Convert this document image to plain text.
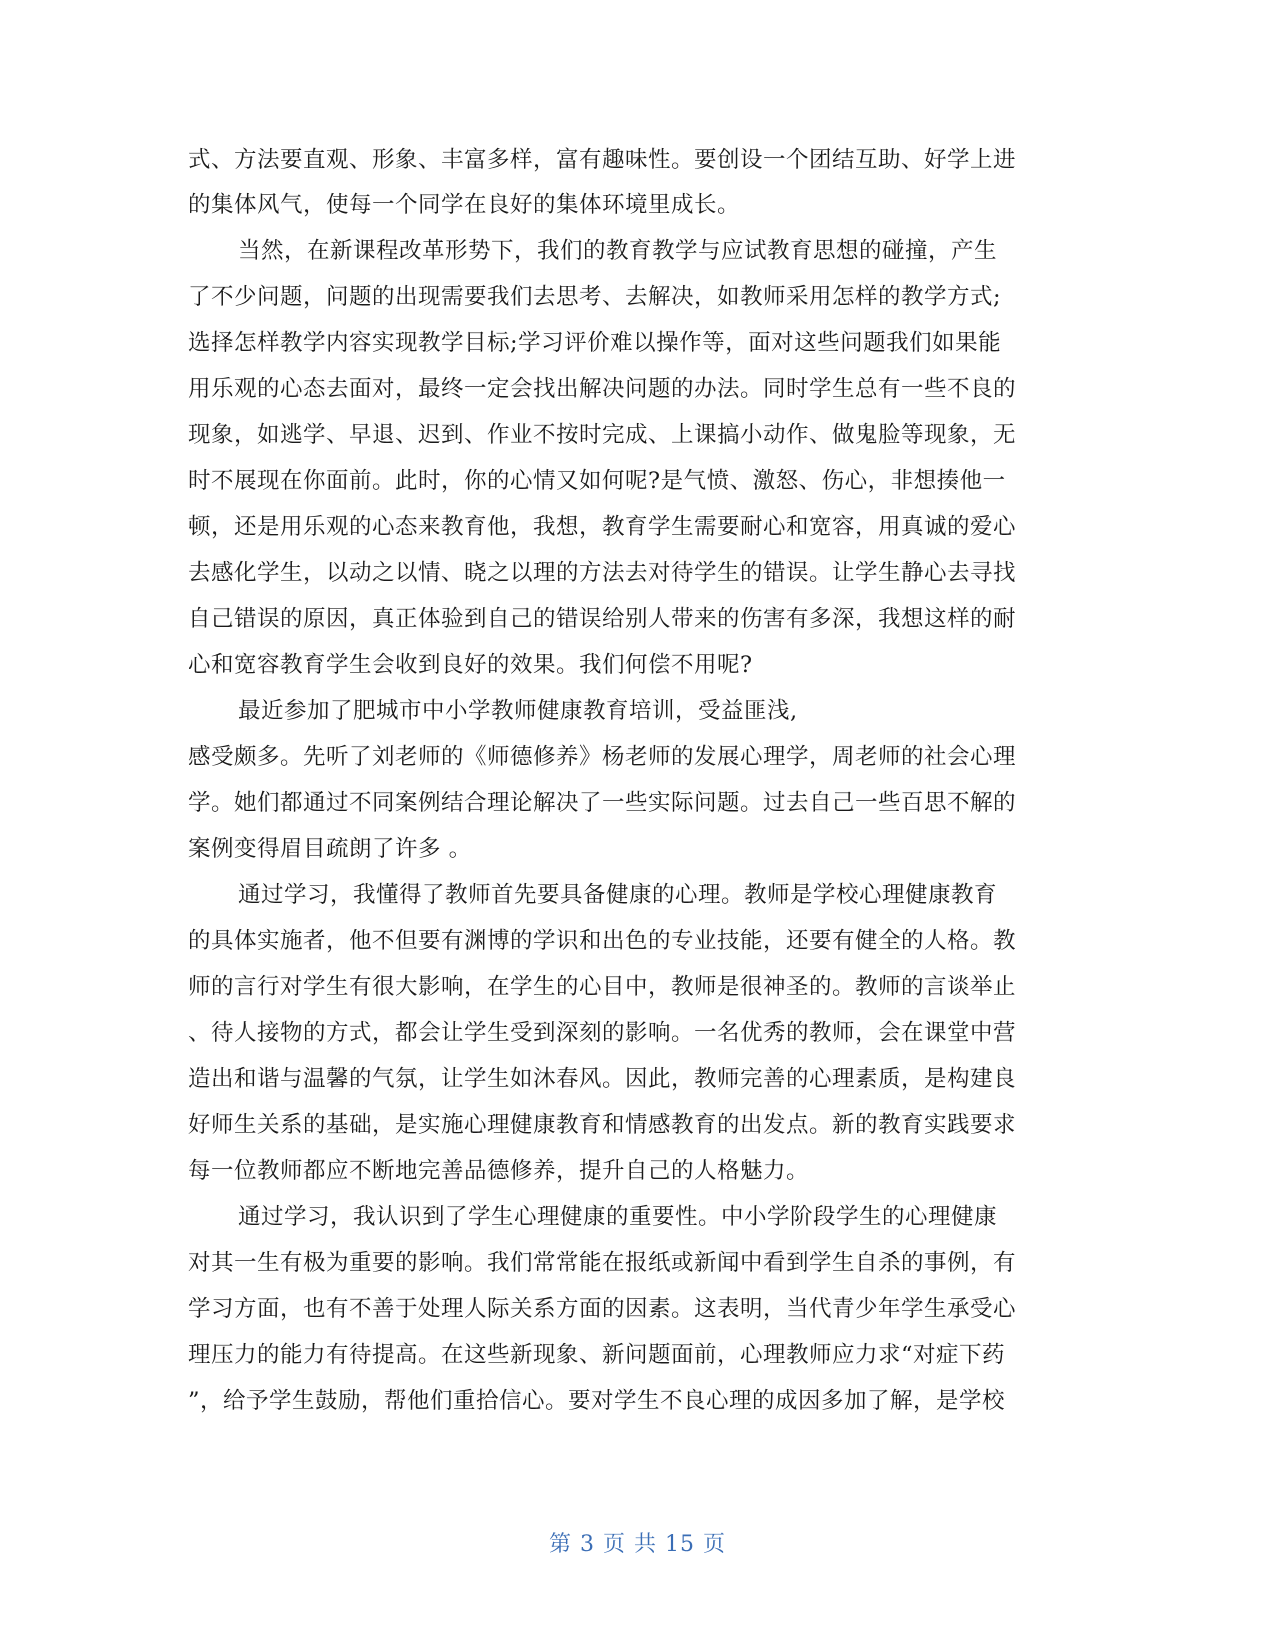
式、方法要直观、形象、丰富多样，富有趣味性。要创设一个团结互助、好学上进
的集体风气，使每一个同学在良好的集体环境里成长。
当然，在新课程改革形势下，我们的教育教学与应试教育思想的碰撞，产生
了不少问题，问题的出现需要我们去思考、去解决，如教师采用怎样的教学方式;
选择怎样教学内容实现教学目标;学习评价难以操作等，面对这些问题我们如果能
用乐观的心态去面对，最终一定会找出解决问题的办法。同时学生总有一些不良的
现象，如逃学、早退、迟到、作业不按时完成、上课搞小动作、做鬼脸等现象，无
时不展现在你面前。此时，你的心情又如何呢?是气愤、激怒、伤心，非想揍他一
顿，还是用乐观的心态来教育他，我想，教育学生需要耐心和宽容，用真诚的爱心
去感化学生，以动之以情、晓之以理的方法去对待学生的错误。让学生静心去寻找
自己错误的原因，真正体验到自己的错误给别人带来的伤害有多深，我想这样的耐
心和宽容教育学生会收到良好的效果。我们何偿不用呢?
最近参加了肥城市中小学教师健康教育培训，受益匪浅,
感受颇多。先听了刘老师的《师德修养》杨老师的发展心理学，周老师的社会心理
学。她们都通过不同案例结合理论解决了一些实际问题。过去自己一些百思不解的
案例变得眉目疏朗了许多 。
通过学习，我懂得了教师首先要具备健康的心理。教师是学校心理健康教育
的具体实施者，他不但要有渊博的学识和出色的专业技能，还要有健全的人格。教
师的言行对学生有很大影响，在学生的心目中，教师是很神圣的。教师的言谈举止
、待人接物的方式，都会让学生受到深刻的影响。一名优秀的教师，会在课堂中营
造出和谐与温馨的气氛，让学生如沐春风。因此，教师完善的心理素质，是构建良
好师生关系的基础，是实施心理健康教育和情感教育的出发点。新的教育实践要求
每一位教师都应不断地完善品德修养，提升自己的人格魅力。
通过学习，我认识到了学生心理健康的重要性。中小学阶段学生的心理健康
对其一生有极为重要的影响。我们常常能在报纸或新闻中看到学生自杀的事例，有
学习方面，也有不善于处理人际关系方面的因素。这表明，当代青少年学生承受心
理压力的能力有待提高。在这些新现象、新问题面前，心理教师应力求“对症下药
”，给予学生鼓励，帮他们重拾信心。要对学生不良心理的成因多加了解，是学校
第 3 页 共 15 页
